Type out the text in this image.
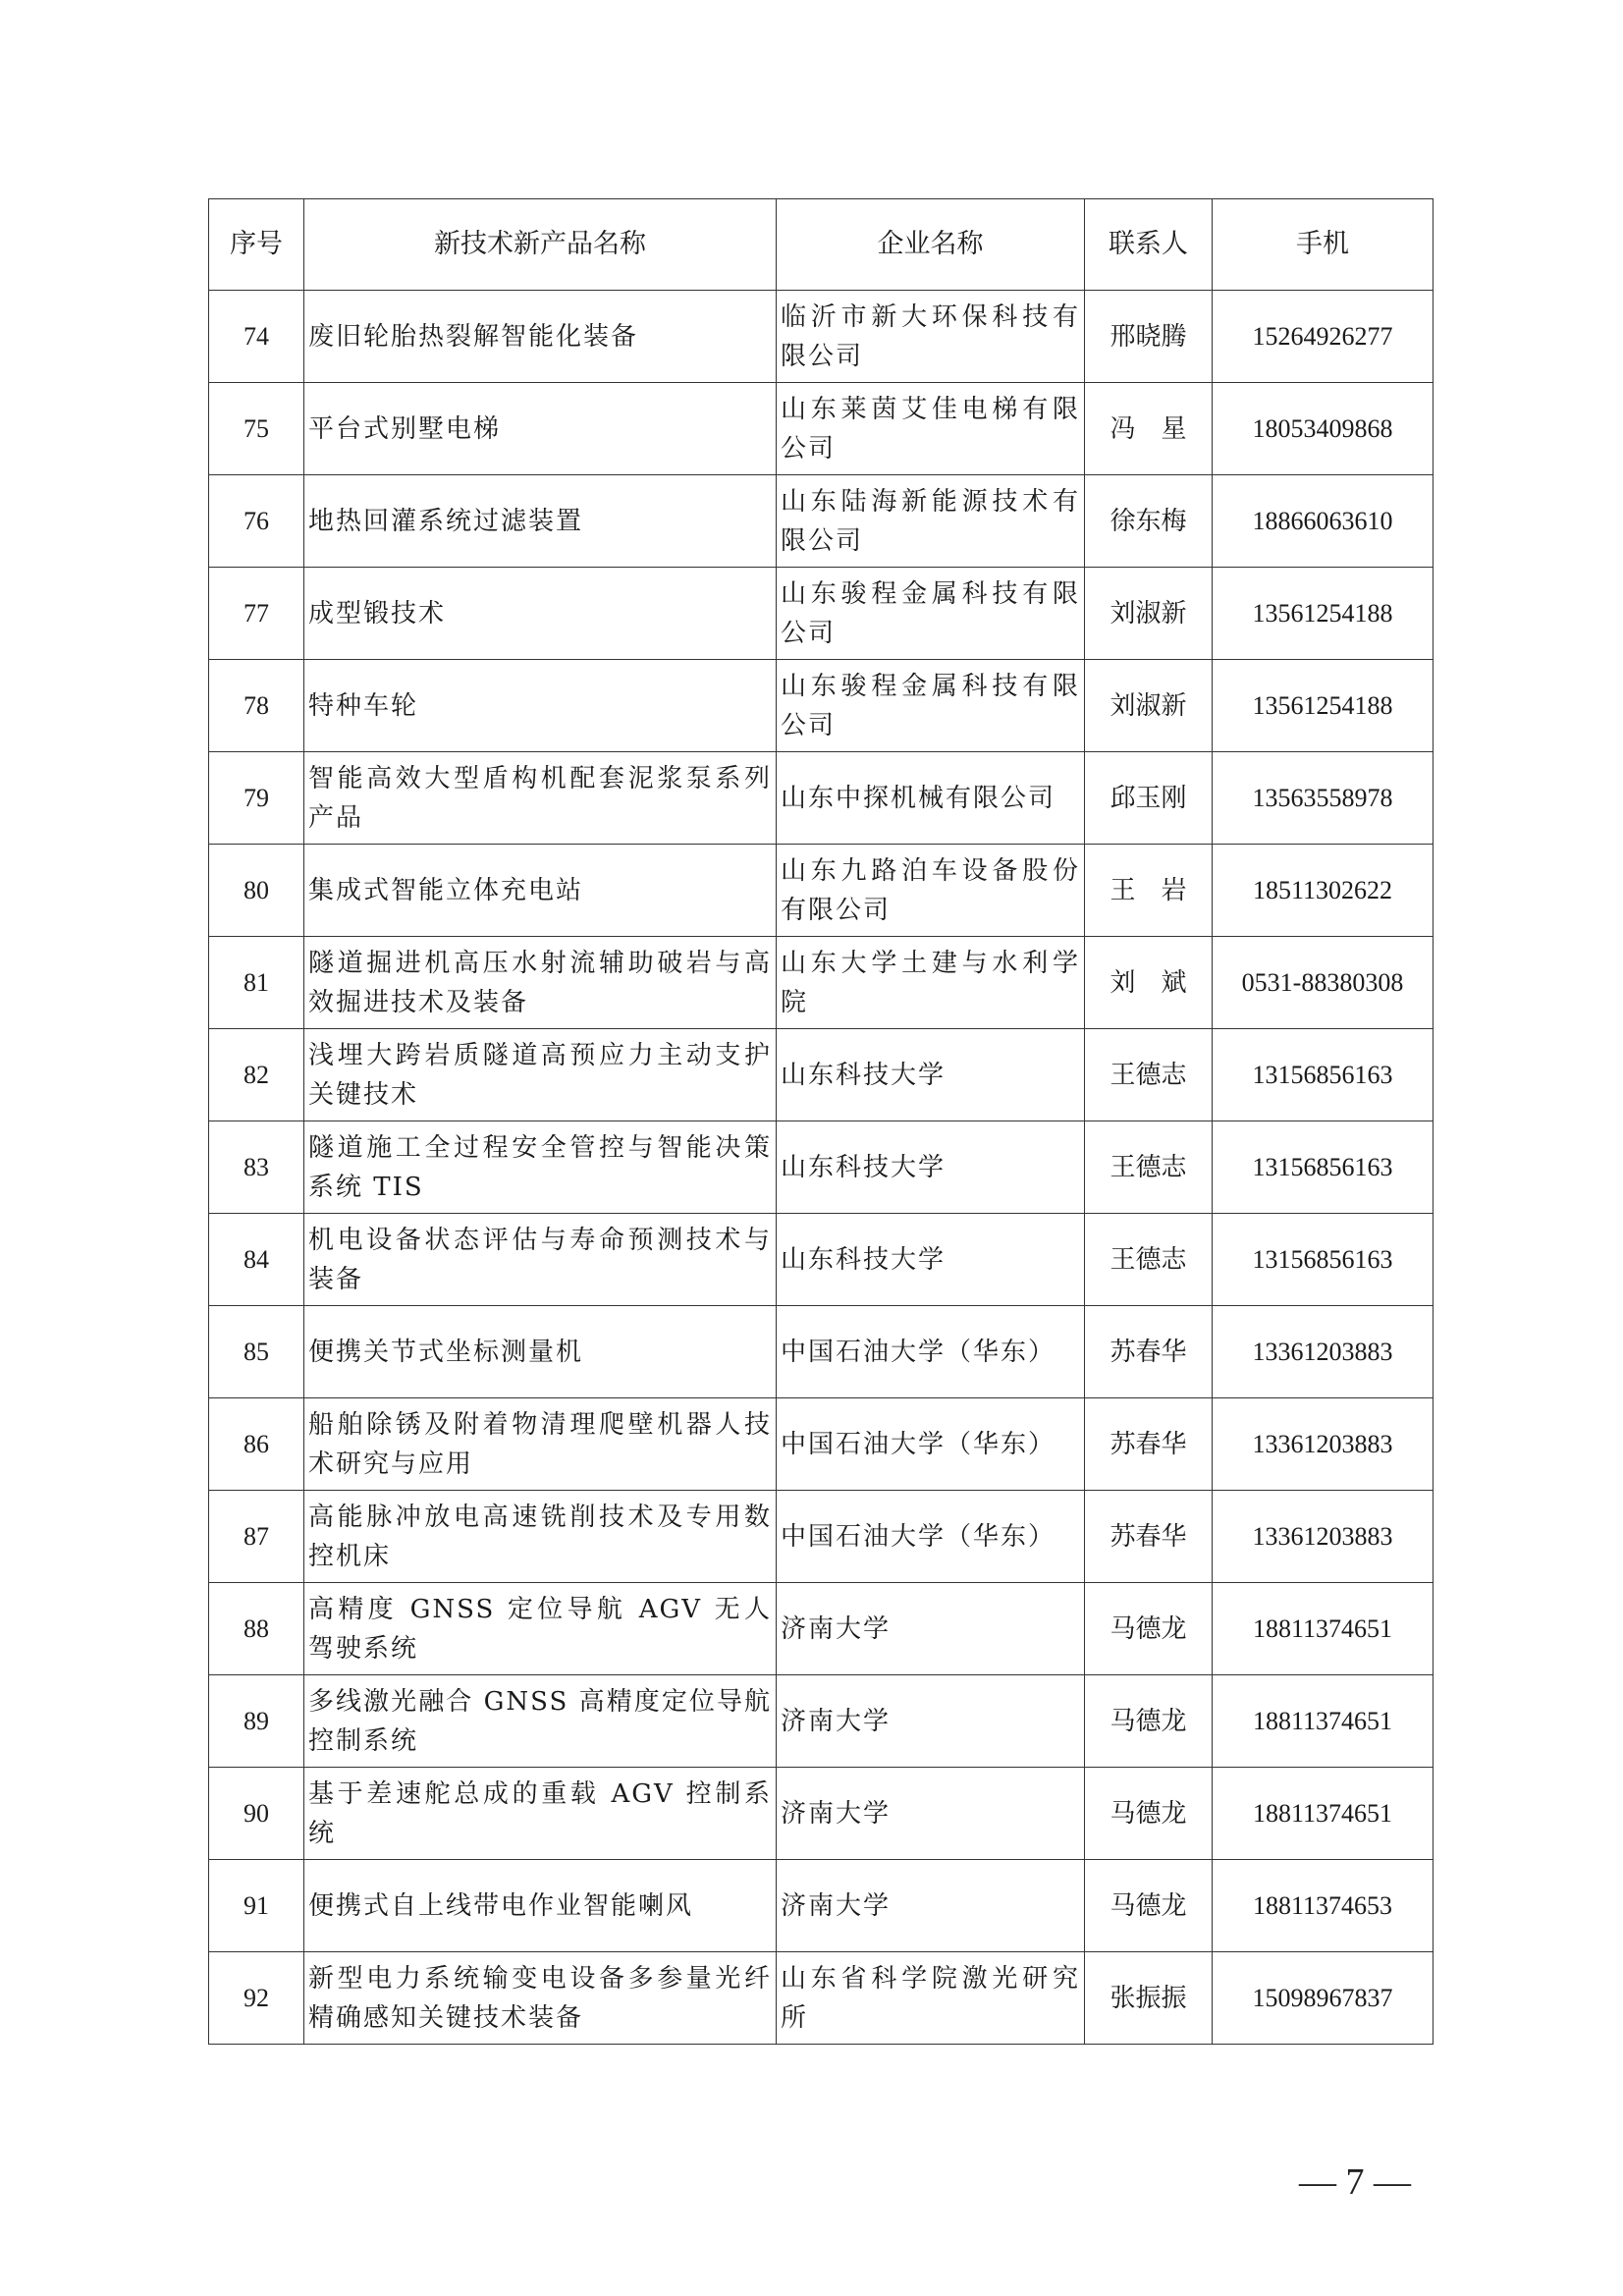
序号	新技术新产品名称	企业名称	联系人	手机
74	废旧轮胎热裂解智能化装备	临沂市新大环保科技有限公司	邢晓腾	15264926277
75	平台式别墅电梯	山东莱茵艾佳电梯有限公司	冯　星	18053409868
76	地热回灌系统过滤装置	山东陆海新能源技术有限公司	徐东梅	18866063610
77	成型锻技术	山东骏程金属科技有限公司	刘淑新	13561254188
78	特种车轮	山东骏程金属科技有限公司	刘淑新	13561254188
79	智能高效大型盾构机配套泥浆泵系列产品	山东中探机械有限公司	邱玉刚	13563558978
80	集成式智能立体充电站	山东九路泊车设备股份有限公司	王　岩	18511302622
81	隧道掘进机高压水射流辅助破岩与高效掘进技术及装备	山东大学土建与水利学院	刘　斌	0531-88380308
82	浅埋大跨岩质隧道高预应力主动支护关键技术	山东科技大学	王德志	13156856163
83	隧道施工全过程安全管控与智能决策系统 TIS	山东科技大学	王德志	13156856163
84	机电设备状态评估与寿命预测技术与装备	山东科技大学	王德志	13156856163
85	便携关节式坐标测量机	中国石油大学（华东）	苏春华	13361203883
86	船舶除锈及附着物清理爬壁机器人技术研究与应用	中国石油大学（华东）	苏春华	13361203883
87	高能脉冲放电高速铣削技术及专用数控机床	中国石油大学（华东）	苏春华	13361203883
88	高精度 GNSS 定位导航 AGV 无人驾驶系统	济南大学	马德龙	18811374651
89	多线激光融合 GNSS 高精度定位导航控制系统	济南大学	马德龙	18811374651
90	基于差速舵总成的重载 AGV 控制系统	济南大学	马德龙	18811374651
91	便携式自上线带电作业智能喇风	济南大学	马德龙	18811374653
92	新型电力系统输变电设备多参量光纤精确感知关键技术装备	山东省科学院激光研究所	张振振	15098967837
— 7 —
